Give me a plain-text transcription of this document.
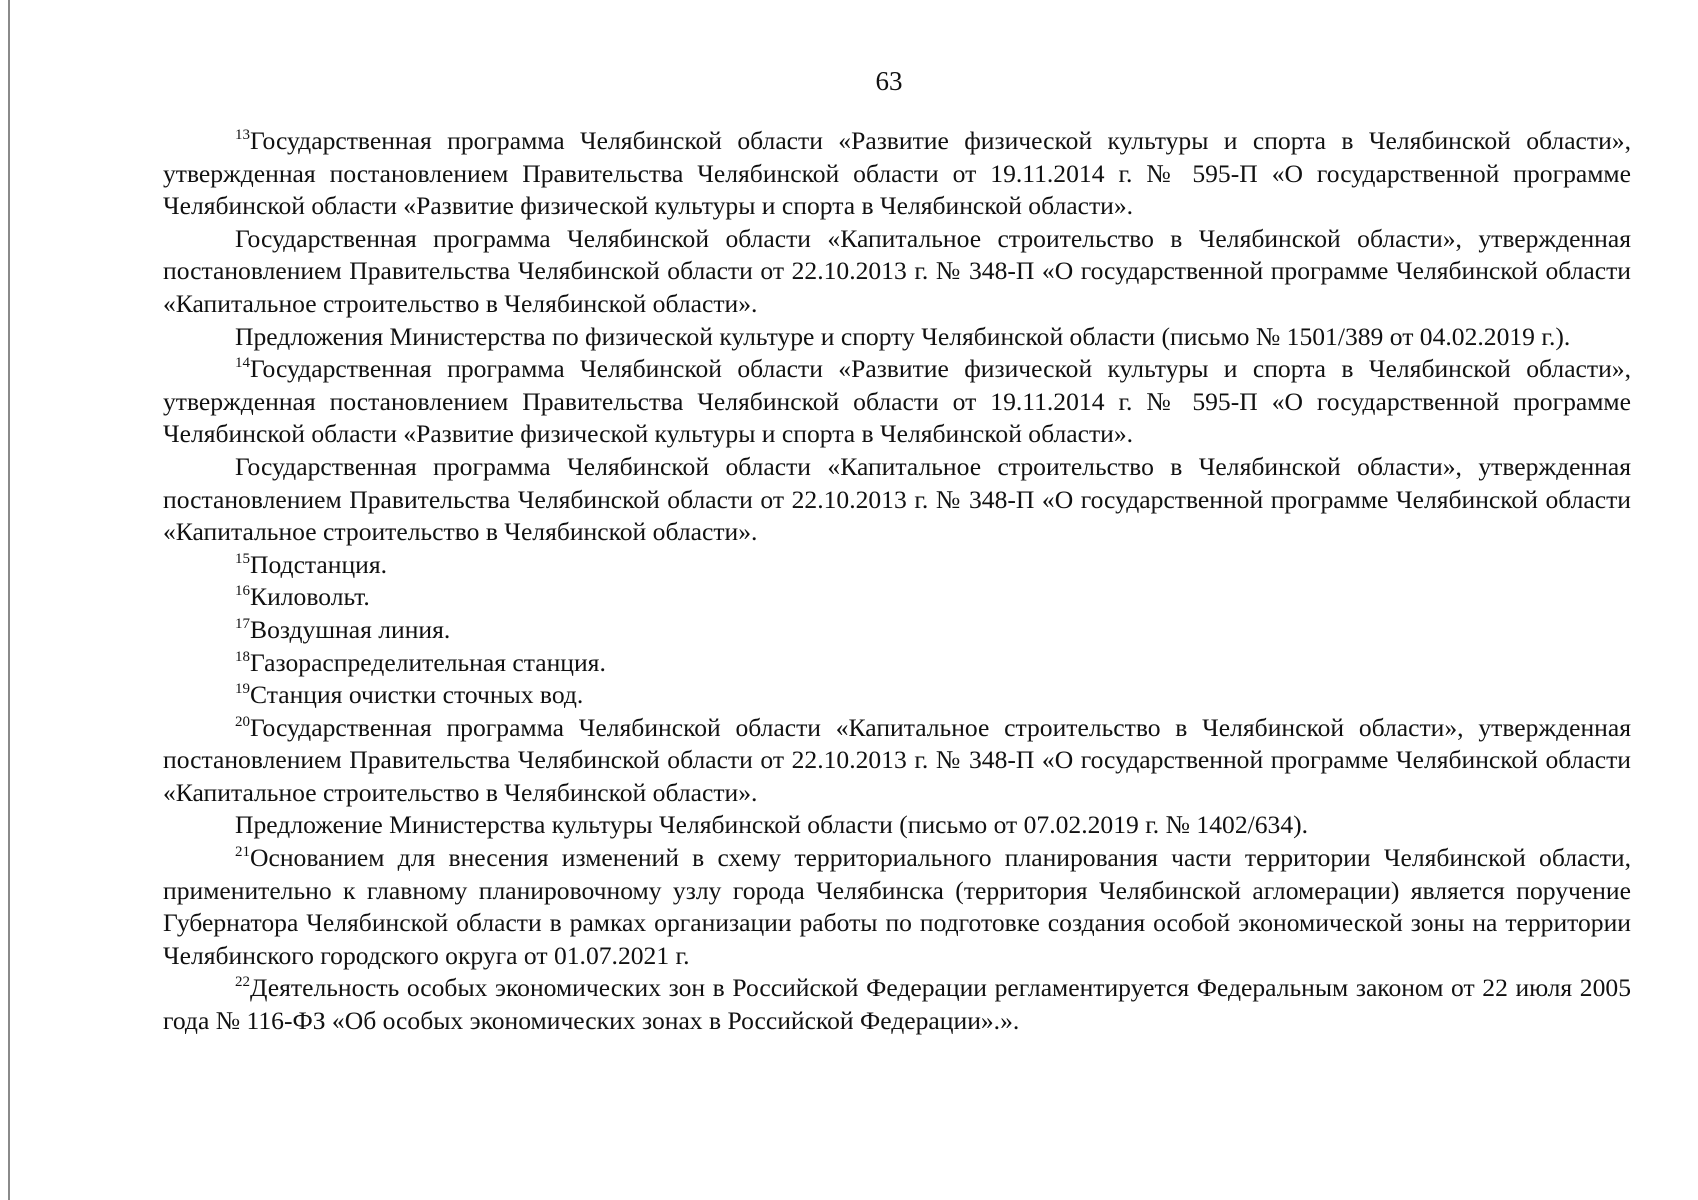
63

$^{13}$Государственная программа Челябинской области «Развитие физической культуры и спорта в Челябинской области», утвержденная постановлением Правительства Челябинской области от 19.11.2014 г. № 595-П «О государственной программе Челябинской области «Развитие физической культуры и спорта в Челябинской области».

Государственная программа Челябинской области «Капитальное строительство в Челябинской области», утвержденная постановлением Правительства Челябинской области от 22.10.2013 г. № 348-П «О государственной программе Челябинской области «Капитальное строительство в Челябинской области».

Предложения Министерства по физической культуре и спорту Челябинской области (письмо № 1501/389 от 04.02.2019 г.).

$^{14}$Государственная программа Челябинской области «Развитие физической культуры и спорта в Челябинской области», утвержденная постановлением Правительства Челябинской области от 19.11.2014 г. № 595-П «О государственной программе Челябинской области «Развитие физической культуры и спорта в Челябинской области».

Государственная программа Челябинской области «Капитальное строительство в Челябинской области», утвержденная постановлением Правительства Челябинской области от 22.10.2013 г. № 348-П «О государственной программе Челябинской области «Капитальное строительство в Челябинской области».

$^{15}$Подстанция.

$^{16}$Киловольт.

$^{17}$Воздушная линия.

$^{18}$Газораспределительная станция.

$^{19}$Станция очистки сточных вод.

$^{20}$Государственная программа Челябинской области «Капитальное строительство в Челябинской области», утвержденная постановлением Правительства Челябинской области от 22.10.2013 г. № 348-П «О государственной программе Челябинской области «Капитальное строительство в Челябинской области».

Предложение Министерства культуры Челябинской области (письмо от 07.02.2019 г. № 1402/634).

$^{21}$Основанием для внесения изменений в схему территориального планирования части территории Челябинской области, применительно к главному планировочному узлу города Челябинска (территория Челябинской агломерации) является поручение Губернатора Челябинской области в рамках организации работы по подготовке создания особой экономической зоны на территории Челябинского городского округа от 01.07.2021 г.

$^{22}$Деятельность особых экономических зон в Российской Федерации регламентируется Федеральным законом от 22 июля 2005 года № 116-ФЗ «Об особых экономических зонах в Российской Федерации».».
